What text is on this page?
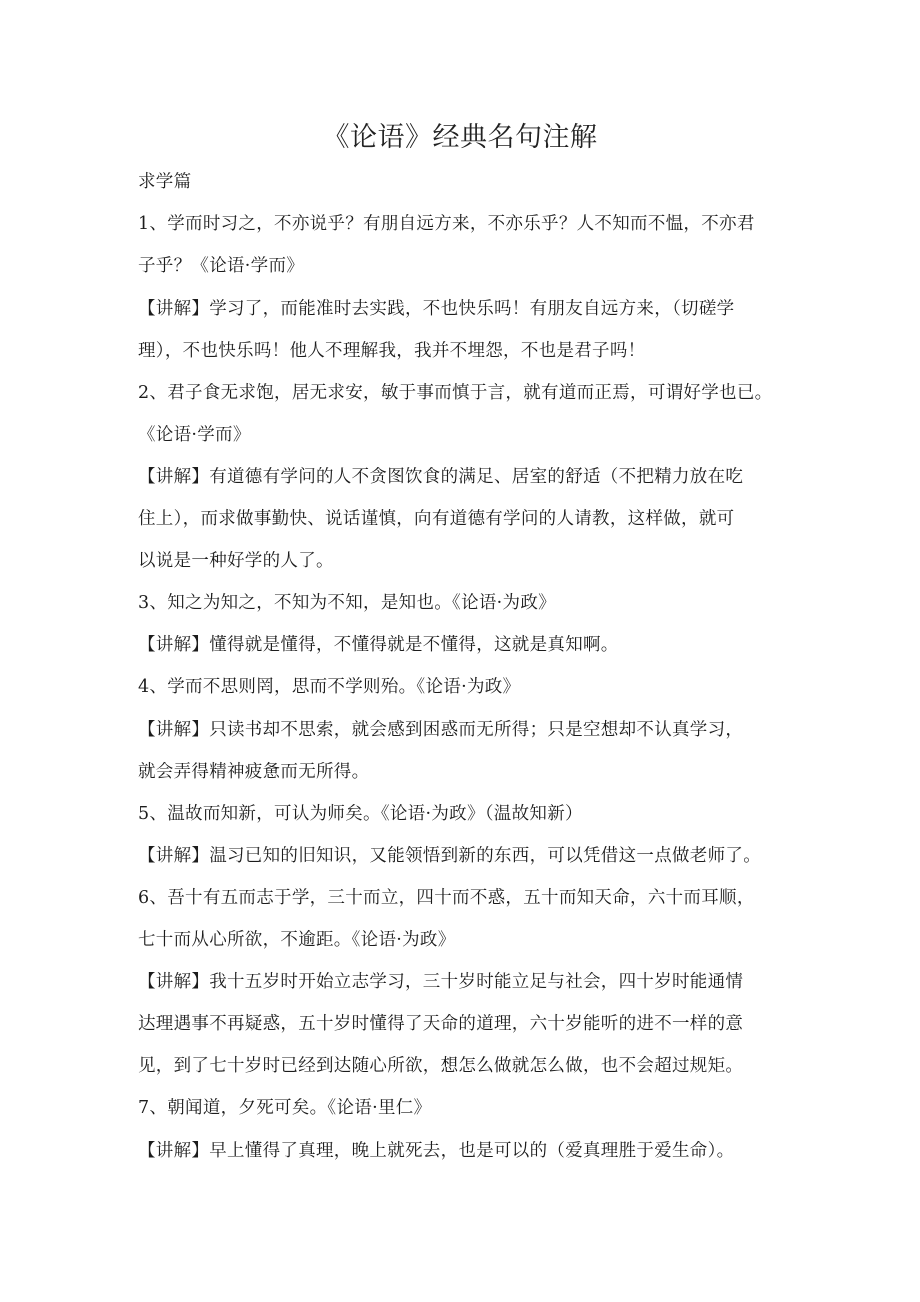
《论语》经典名句注解
求学篇
1、学而时习之，不亦说乎？有朋自远方来，不亦乐乎？人不知而不愠，不亦君
子乎？《论语·学而》
【讲解】学习了，而能准时去实践，不也快乐吗！有朋友自远方来，（切磋学
理），不也快乐吗！他人不理解我，我并不埋怨，不也是君子吗！
2、君子食无求饱，居无求安，敏于事而慎于言，就有道而正焉，可谓好学也已。
《论语·学而》
【讲解】有道德有学问的人不贪图饮食的满足、居室的舒适（不把精力放在吃
住上），而求做事勤快、说话谨慎，向有道德有学问的人请教，这样做，就可
以说是一种好学的人了。
3、知之为知之，不知为不知，是知也。《论语·为政》
【讲解】懂得就是懂得，不懂得就是不懂得，这就是真知啊。
4、学而不思则罔，思而不学则殆。《论语·为政》
【讲解】只读书却不思索，就会感到困惑而无所得；只是空想却不认真学习，
就会弄得精神疲惫而无所得。
5、温故而知新，可认为师矣。《论语·为政》（温故知新）
【讲解】温习已知的旧知识，又能领悟到新的东西，可以凭借这一点做老师了。
6、吾十有五而志于学，三十而立，四十而不惑，五十而知天命，六十而耳顺，
七十而从心所欲，不逾距。《论语·为政》
【讲解】我十五岁时开始立志学习，三十岁时能立足与社会，四十岁时能通情
达理遇事不再疑惑，五十岁时懂得了天命的道理，六十岁能听的进不一样的意
见，到了七十岁时已经到达随心所欲，想怎么做就怎么做，也不会超过规矩。
7、朝闻道，夕死可矣。《论语·里仁》
【讲解】早上懂得了真理，晚上就死去，也是可以的（爱真理胜于爱生命）。
